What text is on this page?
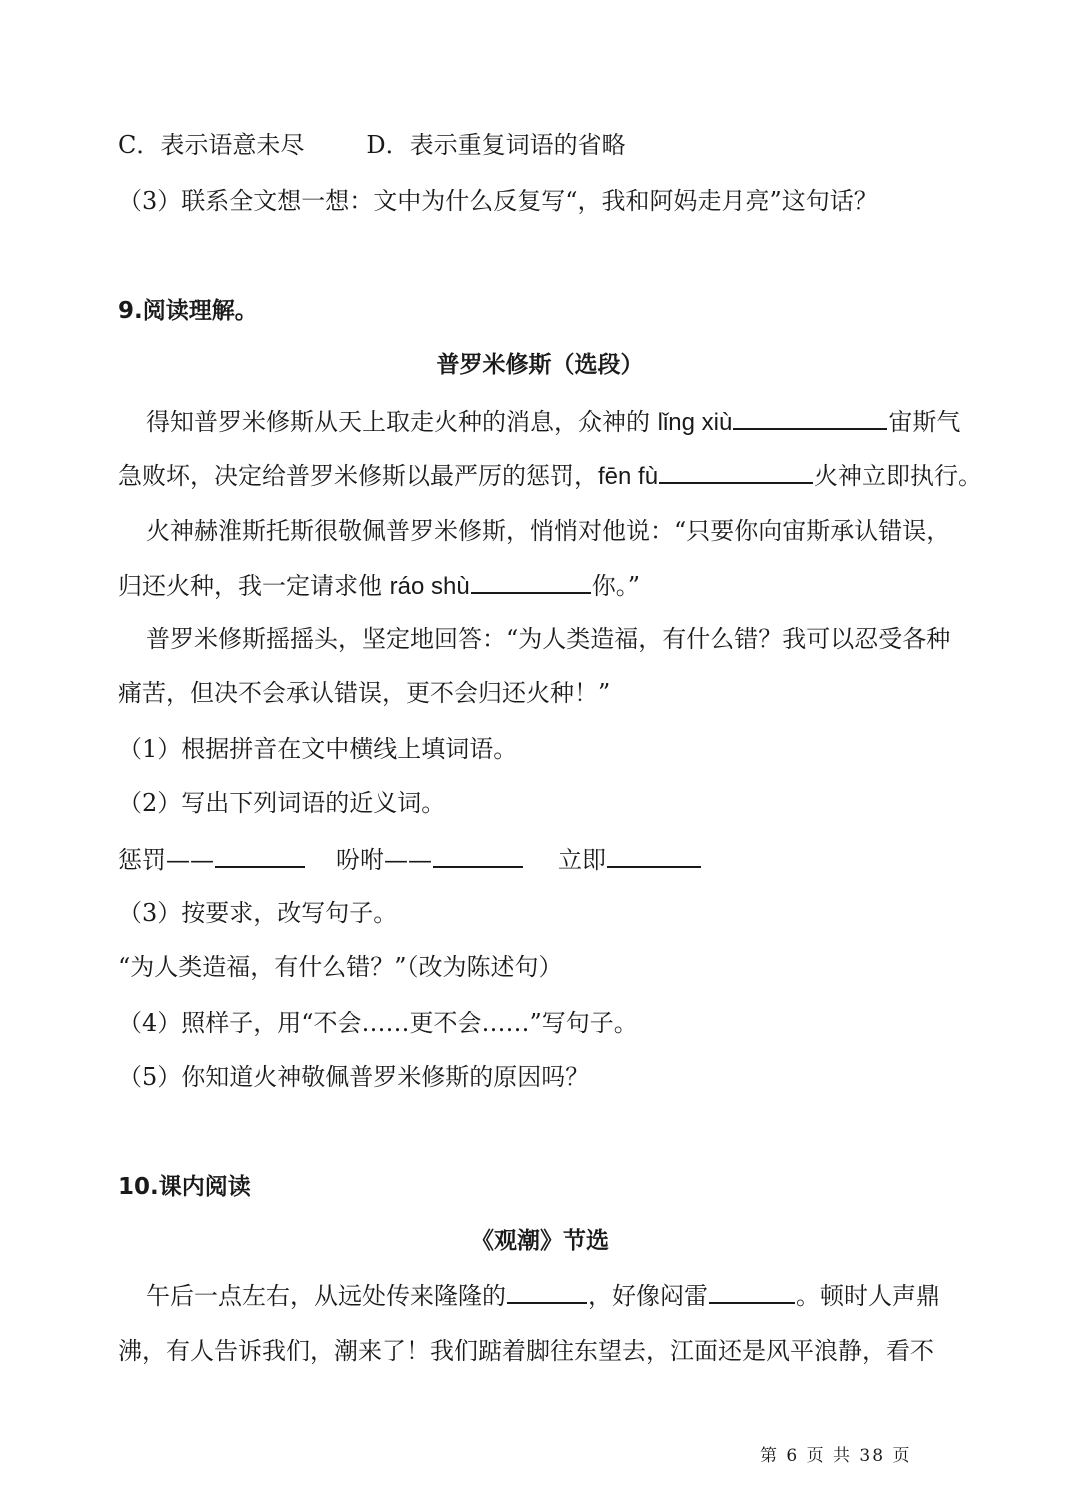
C．表示语意未尽	D．表示重复词语的省略
（3）联系全文想一想：文中为什么反复写“，我和阿妈走月亮”这句话？
9.阅读理解。
普罗米修斯（选段）
得知普罗米修斯从天上取走火种的消息，众神的 lǐng xiù	宙斯气
急败坏，决定给普罗米修斯以最严厉的惩罚，fēn fù	火神立即执行。
火神赫淮斯托斯很敬佩普罗米修斯，悄悄对他说：“只要你向宙斯承认错误，
归还火种，我一定请求他 ráo shù	你。”
普罗米修斯摇摇头，坚定地回答：“为人类造福，有什么错？我可以忍受各种
痛苦，但决不会承认错误，更不会归还火种！”
（1）根据拼音在文中横线上填词语。
（2）写出下列词语的近义词。
惩罚——	吩咐——	立即
（3）按要求，改写句子。
“为人类造福，有什么错？”（改为陈述句）
（4）照样子，用“不会……更不会……”写句子。
（5）你知道火神敬佩普罗米修斯的原因吗？
10.课内阅读
《观潮》节选
午后一点左右，从远处传来隆隆的	，好像闷雷	。顿时人声鼎
沸，有人告诉我们，潮来了！我们踮着脚往东望去，江面还是风平浪静，看不
第 6 页 共 38 页
